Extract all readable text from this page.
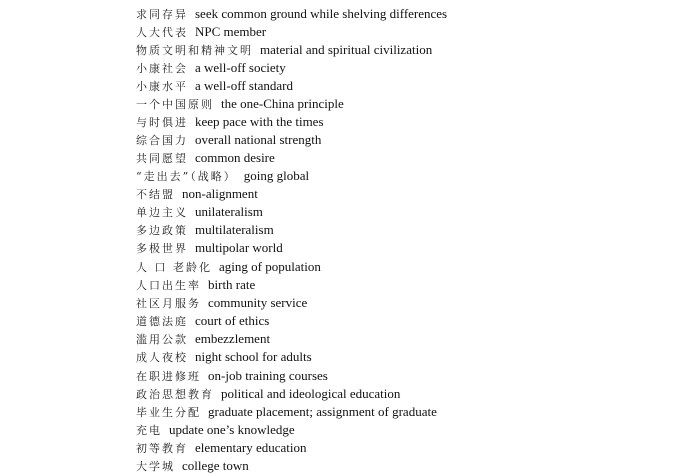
求同存异 seek common ground while shelving differences
人大代表 NPC member
物质文明和精神文明 material and spiritual civilization
小康社会 a well-off society
小康水平 a well-off standard
一个中国原则 the one-China principle
与时俱进 keep pace with the times
综合国力 overall national strength
共同愿望 common desire
“走出去”（战略） going global
不结盟 non-alignment
单边主义 unilateralism
多边政策 multilateralism
多极世界 multipolar world
人 口 老龄化 aging of population
人口出生率 birth rate
社区月服务 community service
道德法庭 court of ethics
滥用公款 embezzlement
成人夜校 night school for adults
在职进修班 on-job training courses
政治思想教育 political and ideological education
毕业生分配 graduate placement; assignment of graduate
充电 update one’s knowledge
初等教育 elementary education
大学城 college town
